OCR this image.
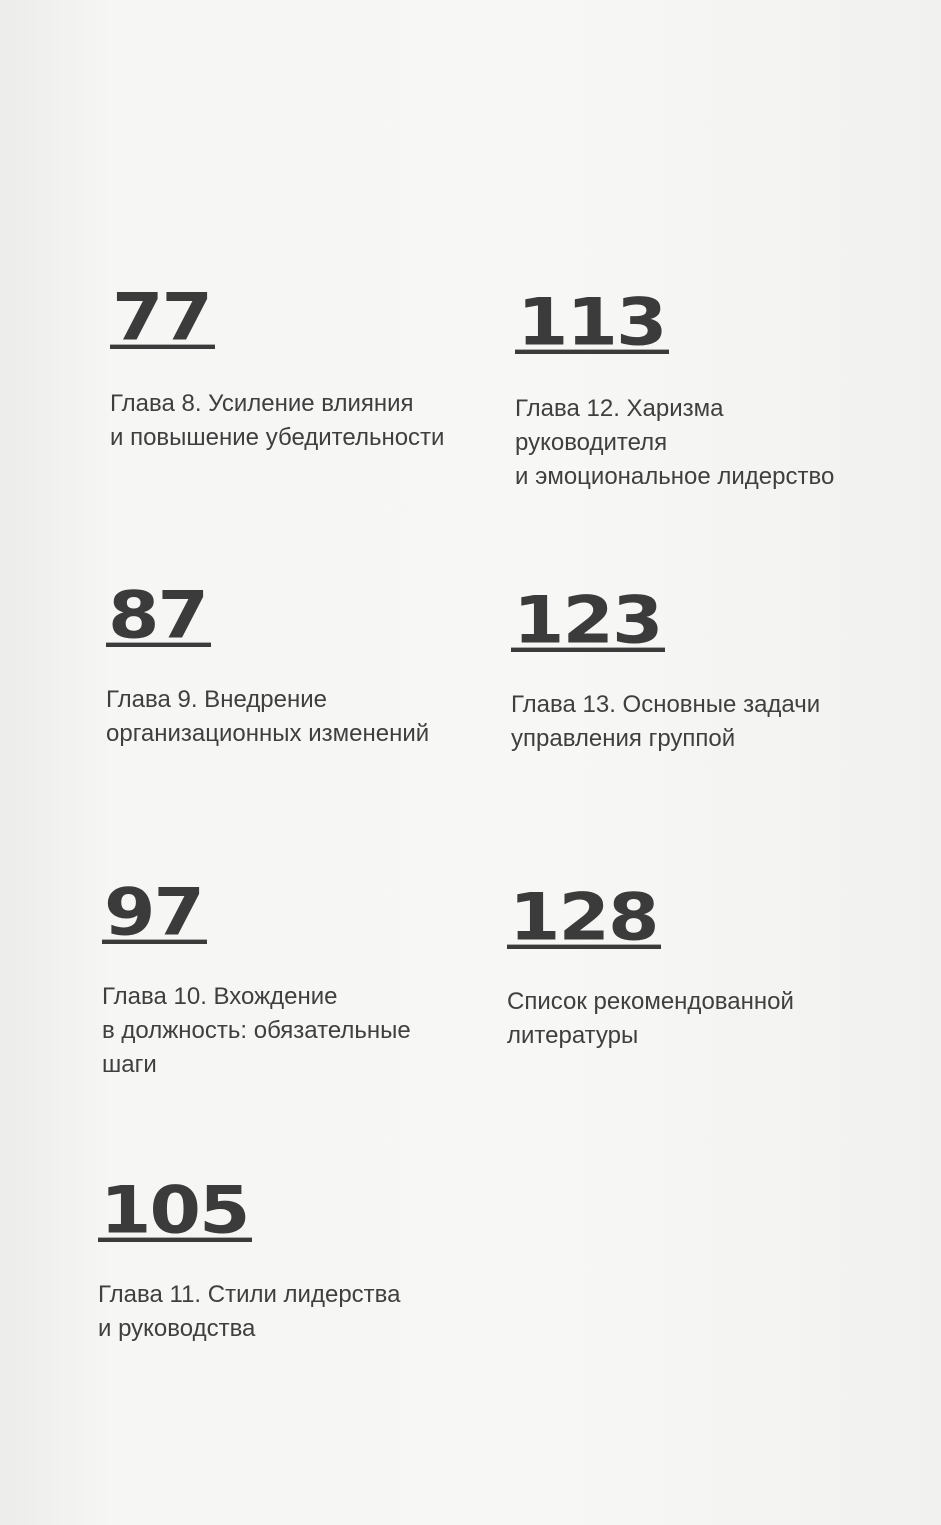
77
Глава 8. Усиление влияния
и повышение убедительности
87
Глава 9. Внедрение
организационных изменений
97
Глава 10. Вхождение
в должность: обязательные
шаги
105
Глава 11. Стили лидерства
и руководства
113
Глава 12. Харизма
руководителя
и эмоциональное лидерство
123
Глава 13. Основные задачи
управления группой
128
Список рекомендованной
литературы
